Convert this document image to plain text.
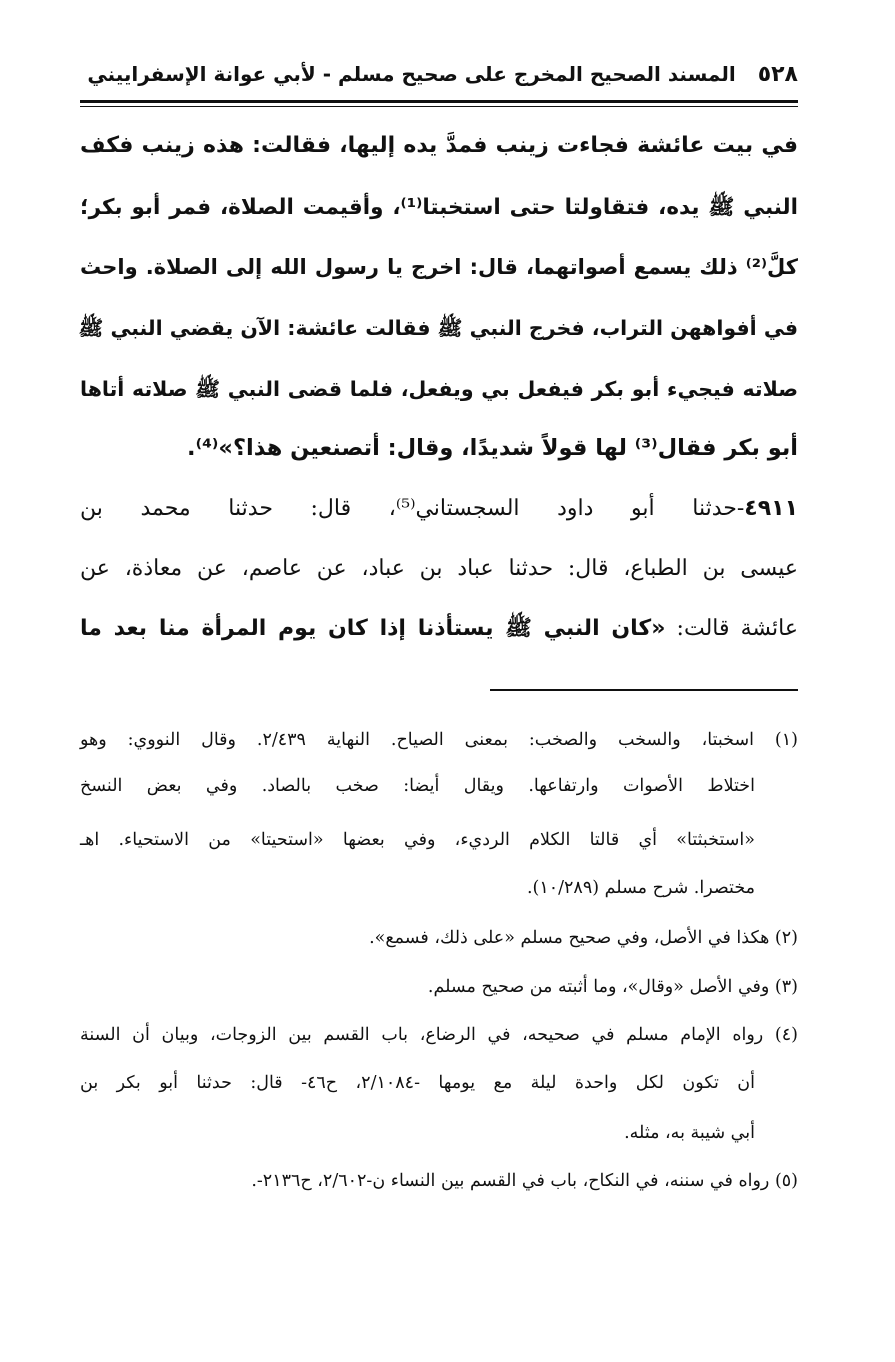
٥٢٨
المسند الصحيح المخرج على صحيح مسلم - لأبي عوانة الإسفراييني
في بيت عائشة فجاءت زينب فمدَّ يده إليها، فقالت: هذه زينب فكف
النبي ﷺ يده، فتقاولتا حتى استخبتا⁽¹⁾، وأقيمت الصلاة، فمر أبو بكر؛
كلَّ⁽²⁾ ذلك يسمع أصواتهما، قال: اخرج يا رسول الله إلى الصلاة. واحث
في أفواههن التراب، فخرج النبي ﷺ فقالت عائشة: الآن يقضي النبي ﷺ
صلاته فيجيء أبو بكر فيفعل بي ويفعل، فلما قضى النبي ﷺ صلاته أتاها
أبو بكر فقال⁽³⁾ لها قولاً شديدًا، وقال: أتصنعين هذا؟»⁽⁴⁾.
٤٩١١-حدثنا أبو داود السجستاني⁽⁵⁾، قال: حدثنا محمد بن
عيسى بن الطباع، قال: حدثنا عباد بن عباد، عن عاصم، عن معاذة، عن
عائشة قالت: «كان النبي ﷺ يستأذنا إذا كان يوم المرأة منا بعد ما
(١) اسخبتا، والسخب والصخب: بمعنى الصياح. النهاية ٢/٤٣٩. وقال النووي: وهو
اختلاط الأصوات وارتفاعها. ويقال أيضا: صخب بالصاد. وفي بعض النسخ
«استخبثتا» أي قالتا الكلام الرديء، وفي بعضها «استحيتا» من الاستحياء. اهـ
مختصرا. شرح مسلم (١٠/٢٨٩).
(٢) هكذا في الأصل، وفي صحيح مسلم «على ذلك، فسمع».
(٣) وفي الأصل «وقال»، وما أثبته من صحيح مسلم.
(٤) رواه الإمام مسلم في صحيحه، في الرضاع، باب القسم بين الزوجات، وبيان أن السنة
أن تكون لكل واحدة ليلة مع يومها -٢/١٠٨٤، ح٤٦- قال: حدثنا أبو بكر بن
أبي شيبة به، مثله.
(٥) رواه في سننه، في النكاح، باب في القسم بين النساء ن-٢/٦٠٢، ح٢١٣٦-.
